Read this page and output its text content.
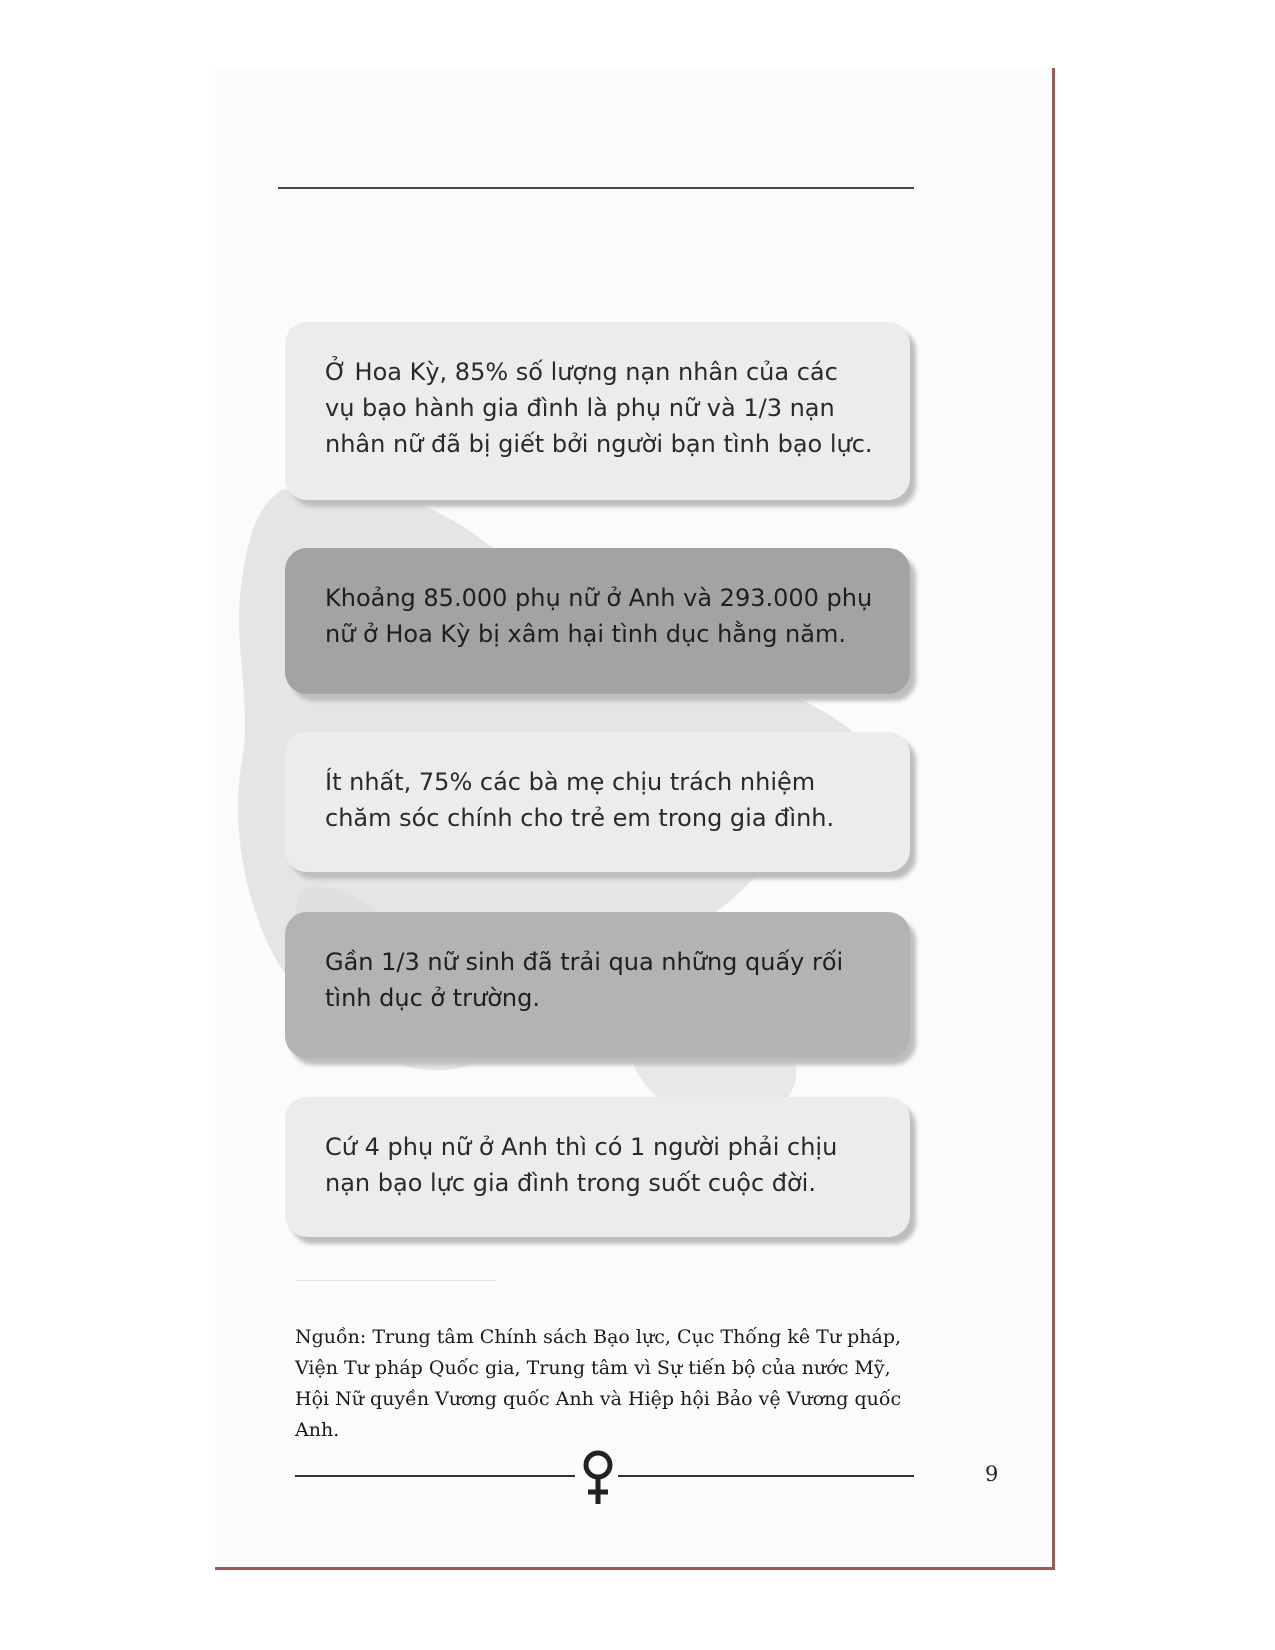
Ở Hoa Kỳ, 85% số lượng nạn nhân của các vụ bạo hành gia đình là phụ nữ và 1/3 nạn nhân nữ đã bị giết bởi người bạn tình bạo lực.
Khoảng 85.000 phụ nữ ở Anh và 293.000 phụ nữ ở Hoa Kỳ bị xâm hại tình dục hằng năm.
Ít nhất, 75% các bà mẹ chịu trách nhiệm chăm sóc chính cho trẻ em trong gia đình.
Gần 1/3 nữ sinh đã trải qua những quấy rối tình dục ở trường.
Cứ 4 phụ nữ ở Anh thì có 1 người phải chịu nạn bạo lực gia đình trong suốt cuộc đời.
Nguồn: Trung tâm Chính sách Bạo lực, Cục Thống kê Tư pháp, Viện Tư pháp Quốc gia, Trung tâm vì Sự tiến bộ của nước Mỹ, Hội Nữ quyền Vương quốc Anh và Hiệp hội Bảo vệ Vương quốc Anh.
9
